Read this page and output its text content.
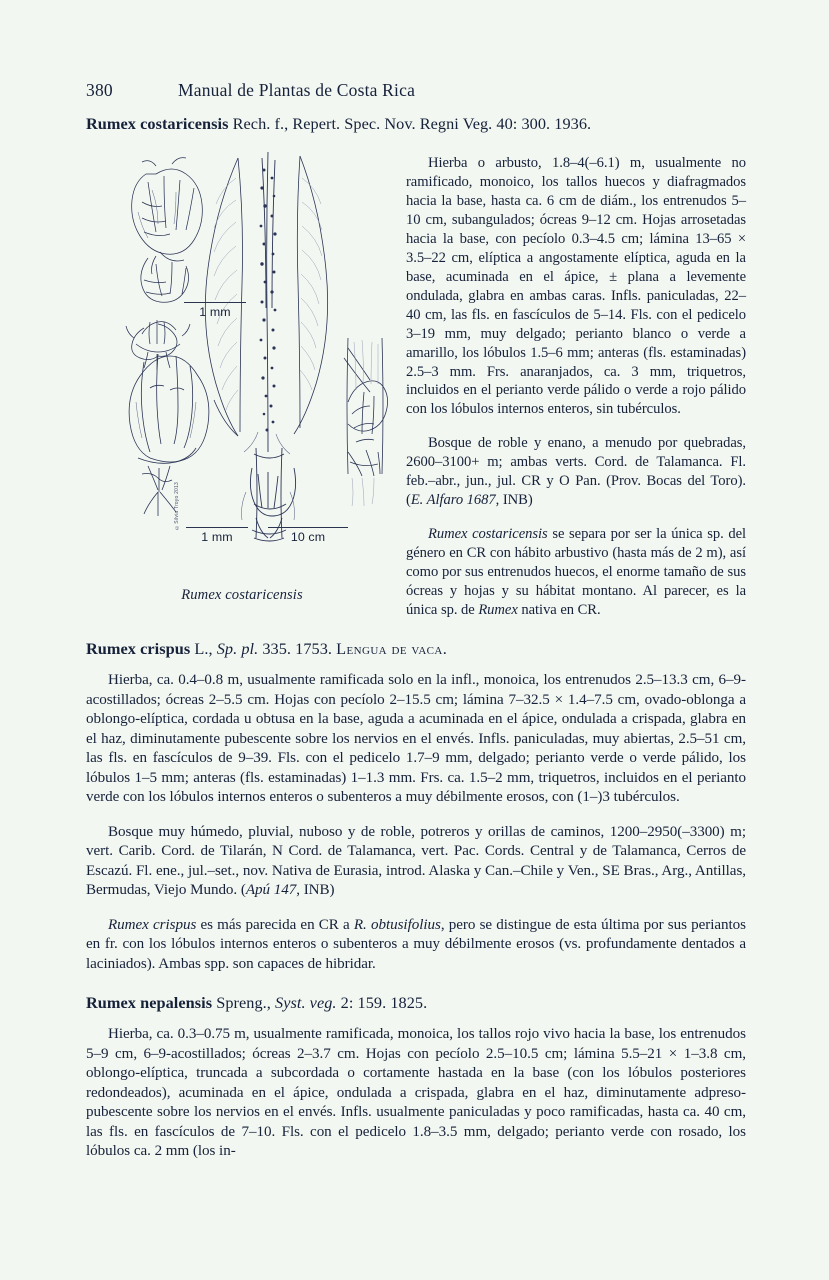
380	Manual de Plantas de Costa Rica
Rumex costaricensis Rech. f., Repert. Spec. Nov. Regni Veg. 40: 300. 1936.
1 mm
1 mm	10 cm
©Silvia Troyo 2013
Rumex costaricensis

Hierba o arbusto, 1.8–4(–6.1) m, usualmente no ramificado, monoico, los tallos huecos y diafragmados hacia la base, hasta ca. 6 cm de diám., los entrenudos 5–10 cm, subangulados; ócreas 9–12 cm. Hojas arrosetadas hacia la base, con pecíolo 0.3–4.5 cm; lámina 13–65 × 3.5–22 cm, elíptica a angostamente elíptica, aguda en la base, acuminada en el ápice, ± plana a levemente ondulada, glabra en ambas caras. Infls. paniculadas, 22–40 cm, las fls. en fascículos de 5–14. Fls. con el pedicelo 3–19 mm, muy delgado; perianto blanco o verde a amarillo, los lóbulos 1.5–6 mm; anteras (fls. estaminadas) 2.5–3 mm. Frs. anaranjados, ca. 3 mm, triquetros, incluidos en el perianto verde pálido o verde a rojo pálido con los lóbulos internos enteros, sin tubérculos.

Bosque de roble y enano, a menudo por quebradas, 2600–3100+ m; ambas verts. Cord. de Talamanca. Fl. feb.–abr., jun., jul. CR y O Pan. (Prov. Bocas del Toro). (E. Alfaro 1687, INB)

Rumex costaricensis se separa por ser la única sp. del género en CR con hábito arbustivo (hasta más de 2 m), así como por sus entrenudos huecos, el enorme tamaño de sus ócreas y hojas y su hábitat montano. Al parecer, es la única sp. de Rumex nativa en CR.

Rumex crispus L., Sp. pl. 335. 1753. Lengua de vaca.

Hierba, ca. 0.4–0.8 m, usualmente ramificada solo en la infl., monoica, los entrenudos 2.5–13.3 cm, 6–9-acostillados; ócreas 2–5.5 cm. Hojas con pecíolo 2–15.5 cm; lámina 7–32.5 × 1.4–7.5 cm, ovado-oblonga a oblongo-elíptica, cordada u obtusa en la base, aguda a acuminada en el ápice, ondulada a crispada, glabra en el haz, diminutamente pubescente sobre los nervios en el envés. Infls. paniculadas, muy abiertas, 2.5–51 cm, las fls. en fascículos de 9–39. Fls. con el pedicelo 1.7–9 mm, delgado; perianto verde o verde pálido, los lóbulos 1–5 mm; anteras (fls. estaminadas) 1–1.3 mm. Frs. ca. 1.5–2 mm, triquetros, incluidos en el perianto verde con los lóbulos internos enteros o subenteros a muy débilmente erosos, con (1–)3 tubérculos.

Bosque muy húmedo, pluvial, nuboso y de roble, potreros y orillas de caminos, 1200–2950(–3300) m; vert. Carib. Cord. de Tilarán, N Cord. de Talamanca, vert. Pac. Cords. Central y de Talamanca, Cerros de Escazú. Fl. ene., jul.–set., nov. Nativa de Eurasia, introd. Alaska y Can.–Chile y Ven., SE Bras., Arg., Antillas, Bermudas, Viejo Mundo. (Apú 147, INB)

Rumex crispus es más parecida en CR a R. obtusifolius, pero se distingue de esta última por sus periantos en fr. con los lóbulos internos enteros o subenteros a muy débilmente erosos (vs. profundamente dentados a laciniados). Ambas spp. son capaces de hibridar.

Rumex nepalensis Spreng., Syst. veg. 2: 159. 1825.

Hierba, ca. 0.3–0.75 m, usualmente ramificada, monoica, los tallos rojo vivo hacia la base, los entrenudos 5–9 cm, 6–9-acostillados; ócreas 2–3.7 cm. Hojas con pecíolo 2.5–10.5 cm; lámina 5.5–21 × 1–3.8 cm, oblongo-elíptica, truncada a subcordada o cortamente hastada en la base (con los lóbulos posteriores redondeados), acuminada en el ápice, ondulada a crispada, glabra en el haz, diminutamente adpreso-pubescente sobre los nervios en el envés. Infls. usualmente paniculadas y poco ramificadas, hasta ca. 40 cm, las fls. en fascículos de 7–10. Fls. con el pedicelo 1.8–3.5 mm, delgado; perianto verde con rosado, los lóbulos ca. 2 mm (los in-
